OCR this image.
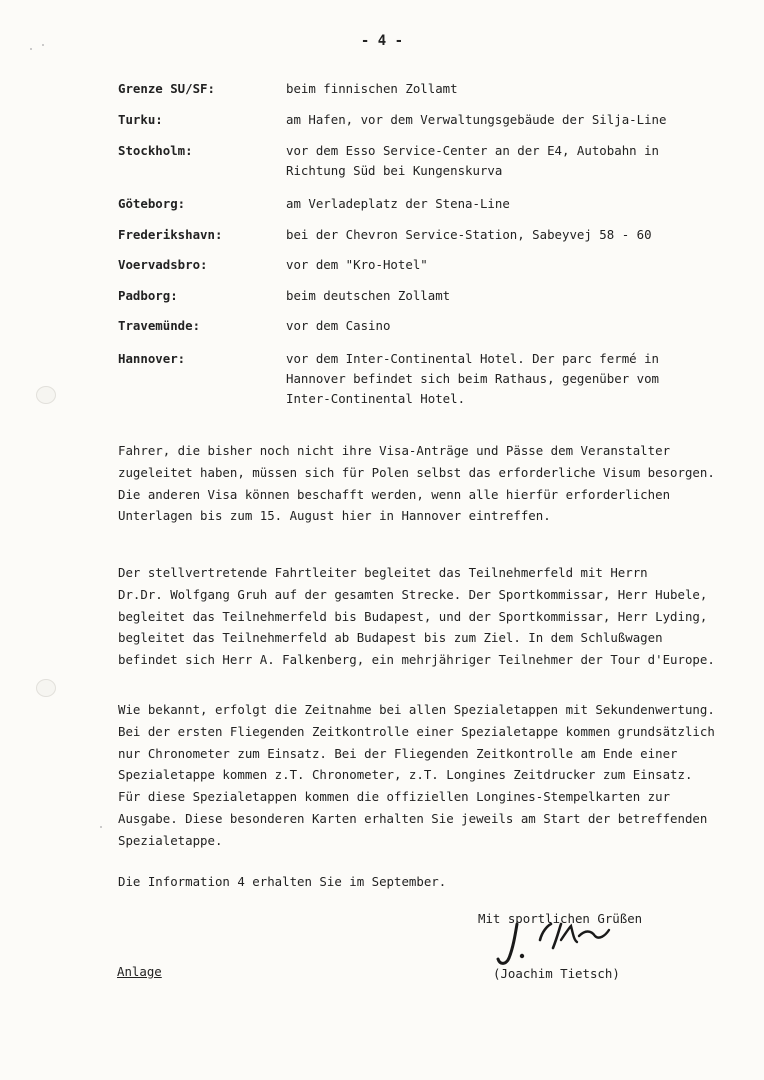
- 4 -
Grenze SU/SF:	beim finnischen Zollamt
Turku:	am Hafen, vor dem Verwaltungsgebäude der Silja-Line
Stockholm:	vor dem Esso Service-Center an der E4, Autobahn in
Richtung Süd bei Kungenskurva
Göteborg:	am Verladeplatz der Stena-Line
Frederikshavn:	bei der Chevron Service-Station, Sabeyvej 58 - 60
Voervadsbro:	vor dem "Kro-Hotel"
Padborg:	beim deutschen Zollamt
Travemünde:	vor dem Casino
Hannover:	vor dem Inter-Continental Hotel. Der parc fermé in
Hannover befindet sich beim Rathaus, gegenüber vom
Inter-Continental Hotel.
Fahrer, die bisher noch nicht ihre Visa-Anträge und Pässe dem Veranstalter
zugeleitet haben, müssen sich für Polen selbst das erforderliche Visum besorgen.
Die anderen Visa können beschafft werden, wenn alle hierfür erforderlichen
Unterlagen bis zum 15. August hier in Hannover eintreffen.
Der stellvertretende Fahrtleiter begleitet das Teilnehmerfeld mit Herrn
Dr.Dr. Wolfgang Gruh auf der gesamten Strecke. Der Sportkommissar, Herr Hubele,
begleitet das Teilnehmerfeld bis Budapest, und der Sportkommissar, Herr Lyding,
begleitet das Teilnehmerfeld ab Budapest bis zum Ziel. In dem Schlußwagen
befindet sich Herr A. Falkenberg, ein mehrjähriger Teilnehmer der Tour d'Europe.
Wie bekannt, erfolgt die Zeitnahme bei allen Spezialetappen mit Sekundenwertung.
Bei der ersten Fliegenden Zeitkontrolle einer Spezialetappe kommen grundsätzlich
nur Chronometer zum Einsatz. Bei der Fliegenden Zeitkontrolle am Ende einer
Spezialetappe kommen z.T. Chronometer, z.T. Longines Zeitdrucker zum Einsatz.
Für diese Spezialetappen kommen die offiziellen Longines-Stempelkarten zur
Ausgabe. Diese besonderen Karten erhalten Sie jeweils am Start der betreffenden
Spezialetappe.
Die Information 4 erhalten Sie im September.
Mit sportlichen Grüßen
(Joachim Tietsch)
Anlage
